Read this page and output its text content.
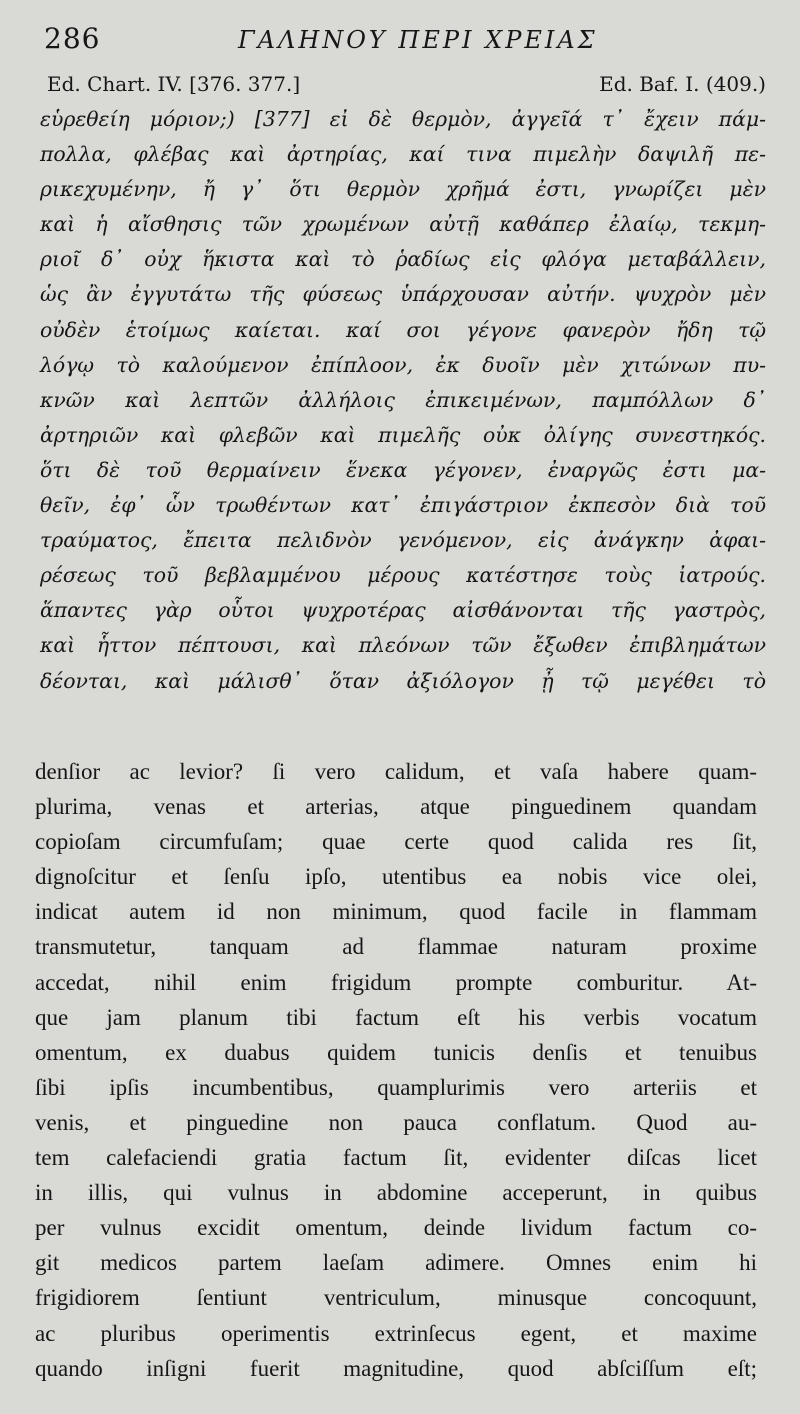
286	ΓΑΛΗΝΟΥ ΠΕΡΙ ΧΡΕΙΑΣ
Ed. Chart. IV. [376. 377.]	Ed. Baf. I. (409.)
εὑρεθείη μόριον;) [377] εἰ δὲ θερμὸν, ἀγγεῖά τ᾽ ἔχειν πάμ-
πολλα, φλέβας καὶ ἀρτηρίας, καί τινα πιμελὴν δαψιλῆ πε-
ρικεχυμένην, ἤ γ᾽ ὅτι θερμὸν χρῆμά ἐστι, γνωρίζει μὲν
καὶ ἡ αἴσθησις τῶν χρωμένων αὐτῇ καθάπερ ἐλαίῳ, τεκμη-
ριοῖ δ᾽ οὐχ ἥκιστα καὶ τὸ ῥαδίως εἰς φλόγα μεταβάλλειν,
ὡς ἂν ἐγγυτάτω τῆς φύσεως ὑπάρχουσαν αὐτήν. ψυχρὸν μὲν
οὐδὲν ἑτοίμως καίεται. καί σοι γέγονε φανερὸν ἤδη τῷ
λόγῳ τὸ καλούμενον ἐπίπλοον, ἐκ δυοῖν μὲν χιτώνων πυ-
κνῶν καὶ λεπτῶν ἀλλήλοις ἐπικειμένων, παμπόλλων δ᾽
ἀρτηριῶν καὶ φλεβῶν καὶ πιμελῆς οὐκ ὀλίγης συνεστηκός.
ὅτι δὲ τοῦ θερμαίνειν ἕνεκα γέγονεν, ἐναργῶς ἐστι μα-
θεῖν, ἐφ᾽ ὧν τρωθέντων κατ᾽ ἐπιγάστριον ἐκπεσὸν διὰ τοῦ
τραύματος, ἔπειτα πελιδνὸν γενόμενον, εἰς ἀνάγκην ἀφαι-
ρέσεως τοῦ βεβλαμμένου μέρους κατέστησε τοὺς ἰατρούς.
ἅπαντες γὰρ οὗτοι ψυχροτέρας αἰσθάνονται τῆς γαστρὸς,
καὶ ἧττον πέπτουσι, καὶ πλεόνων τῶν ἔξωθεν ἐπιβλημάτων
δέονται, καὶ μάλισθ᾽ ὅταν ἀξιόλογον ᾖ τῷ μεγέθει τὸ
denſior ac levior? ſi vero calidum, et vaſa habere quam-
plurima, venas et arterias, atque pinguedinem quandam
copioſam circumfuſam; quae certe quod calida res ſit,
dignoſcitur et ſenſu ipſo, utentibus ea nobis vice olei,
indicat autem id non minimum, quod facile in flammam
transmutetur, tanquam ad flammae naturam proxime
accedat, nihil enim frigidum prompte comburitur. At-
que jam planum tibi factum eſt his verbis vocatum
omentum, ex duabus quidem tunicis denſis et tenuibus
ſibi ipſis incumbentibus, quamplurimis vero arteriis et
venis, et pinguedine non pauca conflatum. Quod au-
tem calefaciendi gratia factum ſit, evidenter diſcas licet
in illis, qui vulnus in abdomine acceperunt, in quibus
per vulnus excidit omentum, deinde lividum factum co-
git medicos partem laeſam adimere. Omnes enim hi
frigidiorem ſentiunt ventriculum, minusque concoquunt,
ac pluribus operimentis extrinſecus egent, et maxime
quando inſigni fuerit magnitudine, quod abſciſſum eſt;
